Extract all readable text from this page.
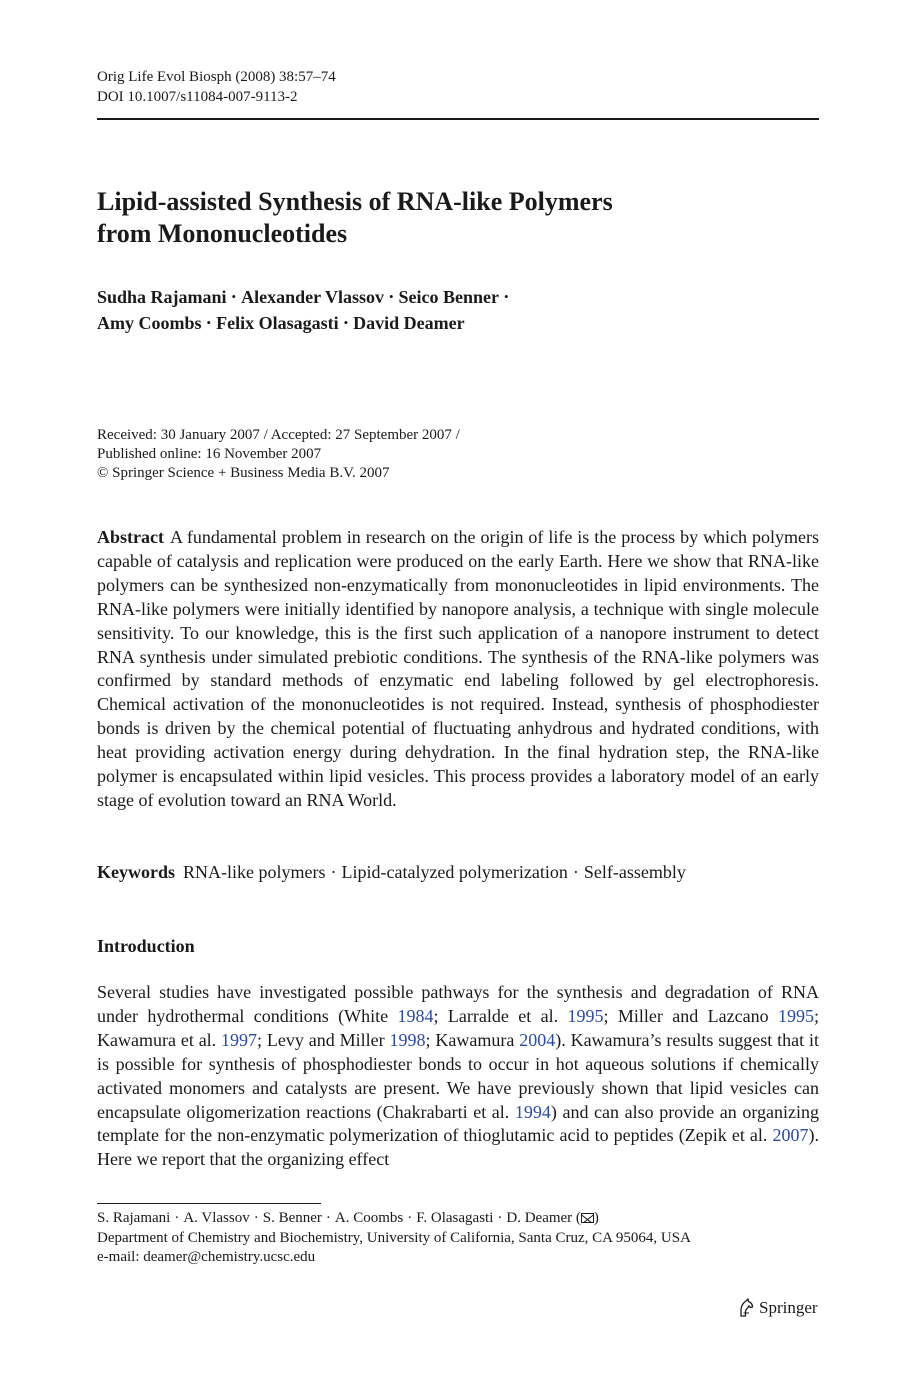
Orig Life Evol Biosph (2008) 38:57–74
DOI 10.1007/s11084-007-9113-2
Lipid-assisted Synthesis of RNA-like Polymers
from Mononucleotides
Sudha Rajamani • Alexander Vlassov • Seico Benner •
Amy Coombs • Felix Olasagasti • David Deamer
Received: 30 January 2007 / Accepted: 27 September 2007 /
Published online: 16 November 2007
© Springer Science + Business Media B.V. 2007
Abstract A fundamental problem in research on the origin of life is the process by which polymers capable of catalysis and replication were produced on the early Earth. Here we show that RNA-like polymers can be synthesized non-enzymatically from mononucleotides in lipid environments. The RNA-like polymers were initially identified by nanopore analysis, a technique with single molecule sensitivity. To our knowledge, this is the first such application of a nanopore instrument to detect RNA synthesis under simulated prebiotic conditions. The synthesis of the RNA-like polymers was confirmed by standard methods of enzymatic end labeling followed by gel electrophoresis. Chemical activation of the mononucleotides is not required. Instead, synthesis of phosphodiester bonds is driven by the chemical potential of fluctuating anhydrous and hydrated conditions, with heat providing activation energy during dehydration. In the final hydration step, the RNA-like polymer is encapsulated within lipid vesicles. This process provides a laboratory model of an early stage of evolution toward an RNA World.
Keywords RNA-like polymers · Lipid-catalyzed polymerization · Self-assembly
Introduction
Several studies have investigated possible pathways for the synthesis and degradation of RNA under hydrothermal conditions (White 1984; Larralde et al. 1995; Miller and Lazcano 1995; Kawamura et al. 1997; Levy and Miller 1998; Kawamura 2004). Kawamura’s results suggest that it is possible for synthesis of phosphodiester bonds to occur in hot aqueous solutions if chemically activated monomers and catalysts are present. We have previously shown that lipid vesicles can encapsulate oligomerization reactions (Chakrabarti et al. 1994) and can also provide an organizing template for the non-enzymatic polymerization of thioglutamic acid to peptides (Zepik et al. 2007). Here we report that the organizing effect
S. Rajamani · A. Vlassov · S. Benner · A. Coombs · F. Olasagasti · D. Deamer ( )
Department of Chemistry and Biochemistry, University of California, Santa Cruz, CA 95064, USA
e-mail: deamer@chemistry.ucsc.edu
Springer
